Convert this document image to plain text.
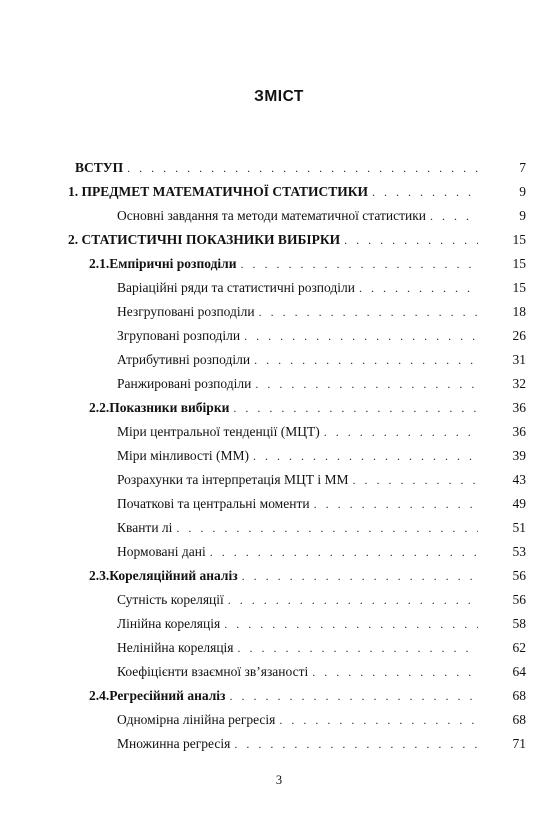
ЗМІСТ
ВСТУП . . .	7
1. ПРЕДМЕТ МАТЕМАТИЧНОЇ СТАТИСТИКИ . . .	9
Основні завдання та методи математичної статистики . . .	9
2. СТАТИСТИЧНІ ПОКАЗНИКИ ВИБІРКИ . . .	15
2.1.Емпіричні розподіли . . .	15
Варіаційні ряди та статистичні розподіли . . .	15
Незгруповані розподіли . . .	18
Згруповані розподіли . . .	26
Атрибутивні розподіли . . .	31
Ранжировані розподіли . . .	32
2.2.Показники вибірки . . .	36
Міри центральної тенденції (МЦТ) . . .	36
Міри мінливості (ММ) . . .	39
Розрахунки та інтерпретація МЦТ і ММ . . .	43
Початкові та центральні моменти . . .	49
Кванти лі . . .	51
Нормовані дані . . .	53
2.3.Кореляційний аналіз . . .	56
Сутність кореляції . . .	56
Лінійна кореляція . . .	58
Нелінійна кореляція . . .	62
Коефіцієнти взаємної зв’язаності . . .	64
2.4.Регресійний аналіз . . .	68
Одномірна лінійна регресія . . .	68
Множинна регресія . . .	71
3
